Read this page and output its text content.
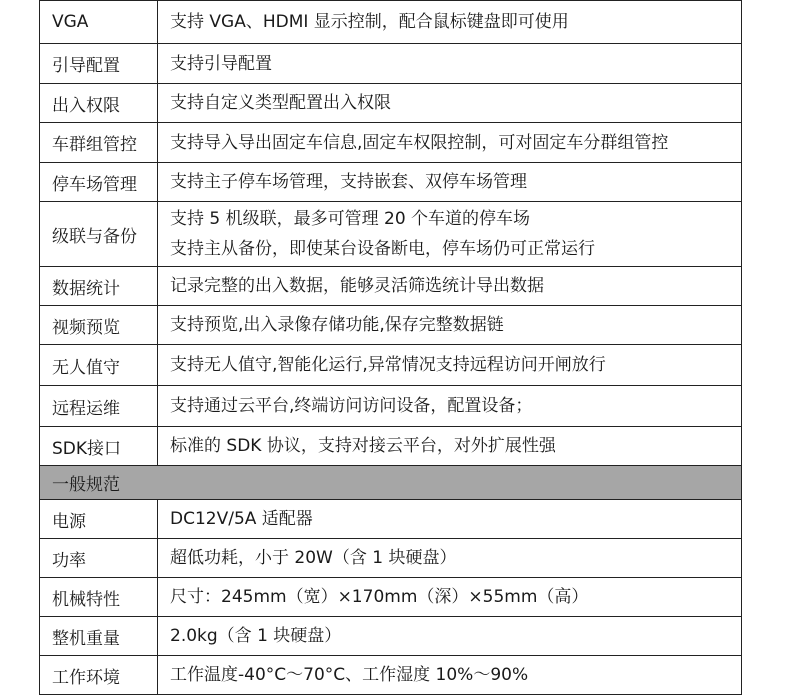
VGA	支持 VGA、HDMI 显示控制，配合鼠标键盘即可使用

引导配置	支持引导配置

出入权限	支持自定义类型配置出入权限

车群组管控	支持导入导出固定车信息,固定车权限控制，可对固定车分群组管控

停车场管理	支持主子停车场管理，支持嵌套、双停车场管理

级联与备份	支持 5 机级联，最多可管理 20 个车道的停车场
支持主从备份，即使某台设备断电，停车场仍可正常运行

数据统计	记录完整的出入数据，能够灵活筛选统计导出数据

视频预览	支持预览,出入录像存储功能,保存完整数据链

无人值守	支持无人值守,智能化运行,异常情况支持远程访问开闸放行

远程运维	支持通过云平台,终端访问访问设备，配置设备；

SDK接口	标准的 SDK 协议，支持对接云平台，对外扩展性强

一般规范	
电源	DC12V/5A 适配器

功率	超低功耗，小于 20W（含 1 块硬盘）

机械特性	尺寸：245mm（宽）×170mm（深）×55mm（高）

整机重量	2.0kg（含 1 块硬盘）

工作环境	工作温度-40°C～70°C、工作湿度 10%～90%
